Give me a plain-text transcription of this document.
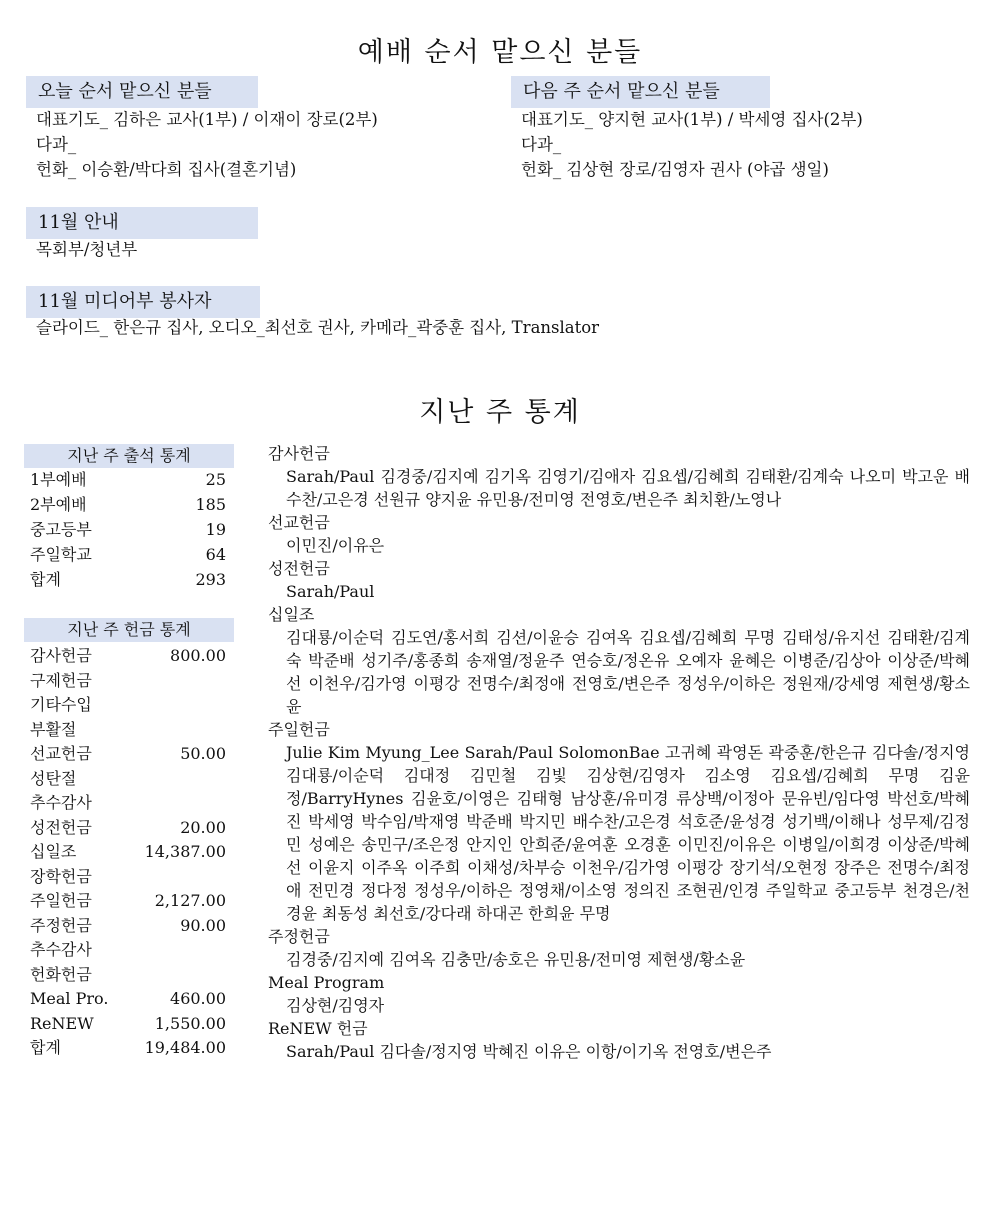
예배 순서 맡으신 분들
오늘 순서 맡으신 분들
대표기도_ 김하은 교사(1부) / 이재이 장로(2부)
다과_
헌화_ 이승환/박다희 집사(결혼기념)
다음 주 순서 맡으신 분들
대표기도_ 양지현 교사(1부) / 박세영 집사(2부)
다과_
헌화_ 김상현 장로/김영자 권사 (야곱 생일)
11월 안내
목회부/청년부
11월 미디어부 봉사자
슬라이드_ 한은규 집사, 오디오_최선호 권사, 카메라_곽중훈 집사, Translator
지난 주 통계
지난 주 출석 통계
1부예배	25
2부예배	185
중고등부	19
주일학교	64
합계	293
지난 주 헌금 통계
감사헌금	800.00
구제헌금
기타수입
부활절
선교헌금	50.00
성탄절
추수감사
성전헌금	20.00
십일조	14,387.00
장학헌금
주일헌금	2,127.00
주정헌금	90.00
추수감사
헌화헌금
Meal Pro.	460.00
ReNEW	1,550.00
합계	19,484.00
감사헌금
Sarah/Paul 김경중/김지예 김기옥 김영기/김애자 김요셉/김혜희 김태환/김계숙 나오미 박고운 배수찬/고은경 선원규 양지윤 유민용/전미영 전영호/변은주 최치환/노영나
선교헌금
이민진/이유은
성전헌금
Sarah/Paul
십일조
김대룡/이순덕 김도연/홍서희 김션/이윤승 김여옥 김요셉/김혜희 무명 김태성/유지선 김태환/김계숙 박준배 성기주/홍종희 송재열/정윤주 연승호/정온유 오예자 윤혜은 이병준/김상아 이상준/박혜선 이천우/김가영 이평강 전명수/최정애 전영호/변은주 정성우/이하은 정원재/강세영 제현생/황소윤
주일헌금
Julie Kim Myung_Lee Sarah/Paul SolomonBae 고귀혜 곽영돈 곽중훈/한은규 김다솔/정지영 김대룡/이순덕 김대정 김민철 김빛 김상현/김영자 김소영 김요셉/김혜희 무명 김윤정/BarryHynes 김윤호/이영은 김태형 남상훈/유미경 류상백/이정아 문유빈/임다영 박선호/박혜진 박세영 박수임/박재영 박준배 박지민 배수찬/고은경 석호준/윤성경 성기백/이해나 성무제/김정민 성예은 송민구/조은정 안지인 안희준/윤여훈 오경훈 이민진/이유은 이병일/이희경 이상준/박혜선 이윤지 이주옥 이주희 이채성/차부승 이천우/김가영 이평강 장기석/오현정 장주은 전명수/최정애 전민경 정다정 정성우/이하은 정영채/이소영 정의진 조현권/인경 주일학교 중고등부 천경은/천경윤 최동성 최선호/강다래 하대곤 한희윤 무명
주정헌금
김경중/김지예 김여옥 김충만/송호은 유민용/전미영 제현생/황소윤
Meal Program
김상현/김영자
ReNEW 헌금
Sarah/Paul 김다솔/정지영 박혜진 이유은 이항/이기옥 전영호/변은주
